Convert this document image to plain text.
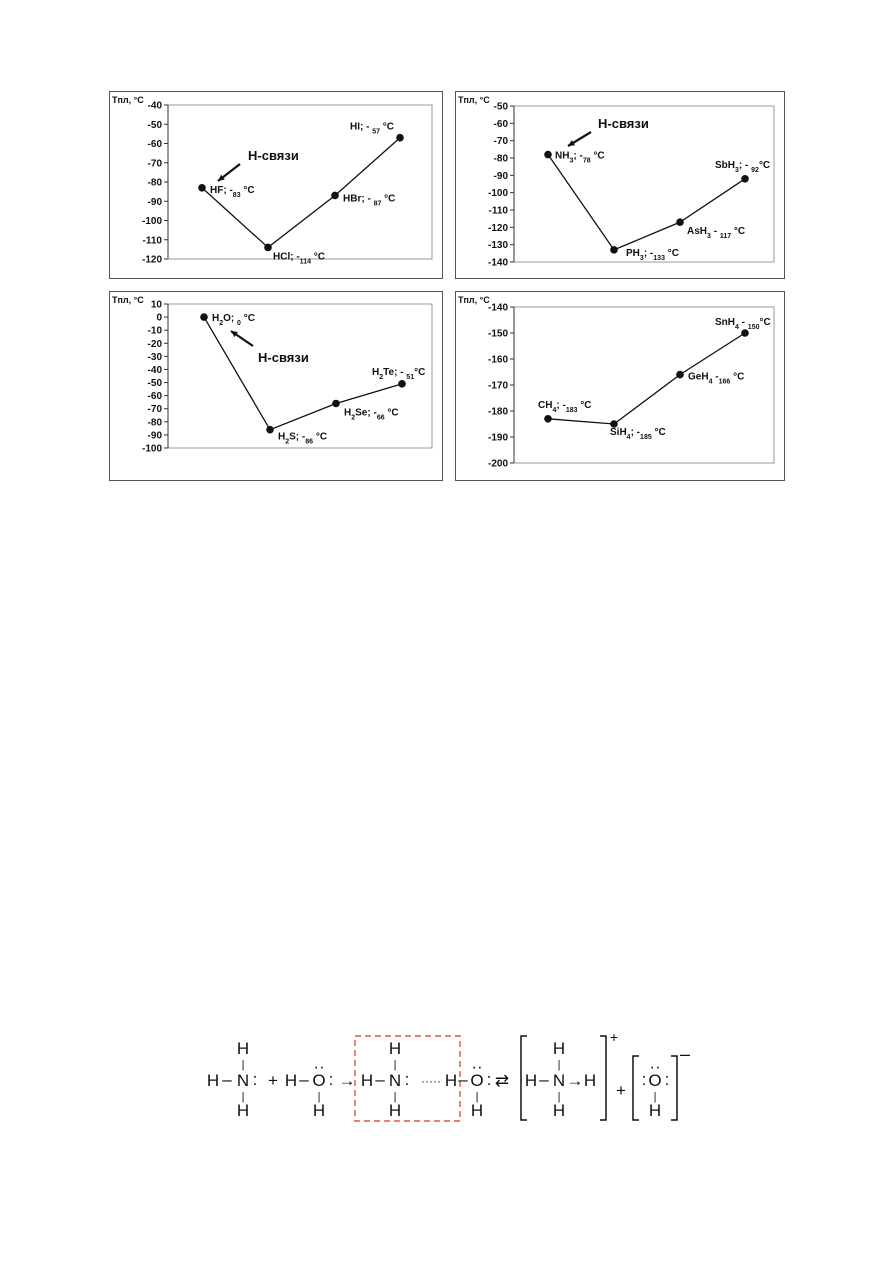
Tпл, °C
-40
-50
-60
-70
-80
-90
-100
-110
-120
HF; $-_{83}$ °C
HCl; $-_{114}$ °C
HBr; - $_{87}$ °C
HI; - $_{57}$ °C
H-связи
Tпл, °C
-50
-60
-70
-80
-90
-100
-110
-120
-130
-140
$NH_3$; $-_{78}$ °C
$PH_3$; $-_{133}$ °C
AsH$_3$ - $_{117}$ °C
SbH$_3$; - $_{92}$°C
H-связи
Tпл, °C 10
0
-10
-20
-30
-40
-50
-60
-70
-80
-90
-100
$H_2O$; $_0$ °C
$H_2S$; $-_{86}$ °C
$H_2Se$; $-_{66}$ °C
$H_2Te$; - $_{51}$°C
H-связи
Tпл, °C
-140
-150
-160
-170
-180
-190
-200
$CH_4$; $-_{183}$ °C
SiH$_4$; $-_{185}$ °C
GeH$_4$ $-_{166}$ °C
SnH$_4$ - $_{150}$°C
H
|
H – N :
|
H
+ H –
··
O :
|
H
→
H
|
H – N : ····· H –
|
H
··
O :
|
H
⇄
H
|
H – N → H
|
H
+
+
:
··
O :
|
H
–
